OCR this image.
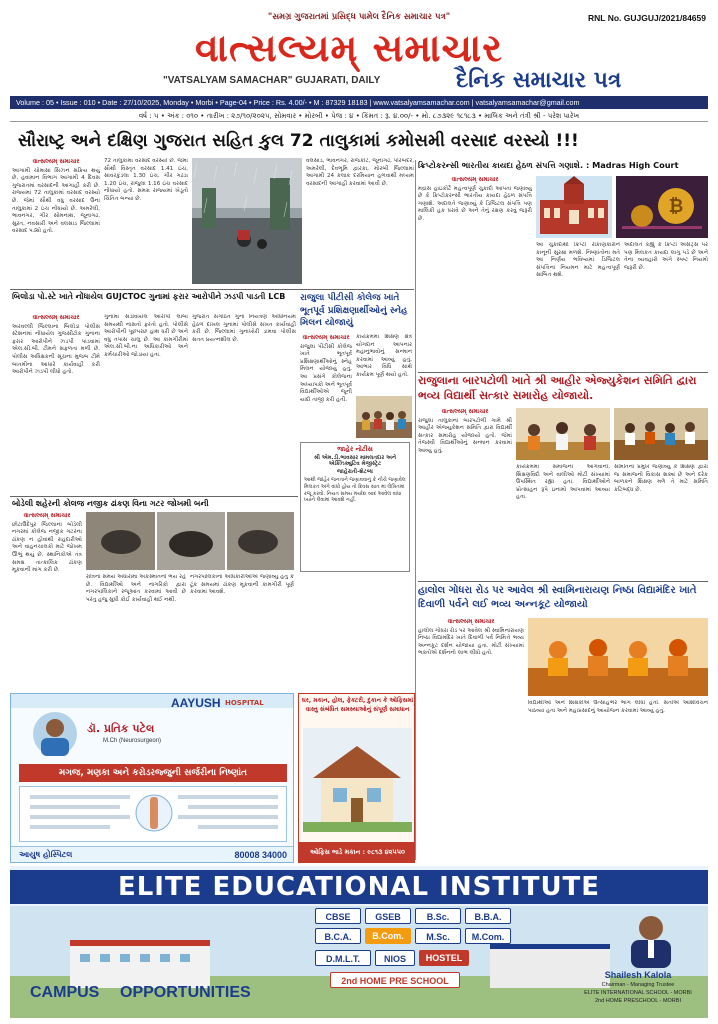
"સમગ્ર ગુજરાતમાં પ્રસિદ્ધ પામેલ દૈનિક સમાચાર પત્ર"	RNL No. GUJGUJ/2021/84659
વાત્સલ્યમ્ સમાચાર
"VATSALYAM SAMACHAR" GUJARATI, DAILY	દૈનિક સમાચાર પત્ર
Volume : 05 • Issue : 010 • Date : 27/10/2025, Monday • Morbi • Page-04 • Price : Rs. 4.00/- • M : 87329 18183 | www.vatsalyamsamachar.com | vatsalyamsamachar@gmail.com
વર્ષ : ૫ • અંક : ૦૧૦ • તારીખ : ૨૭/૧૦/૨૦૨૫, સોમવાર • મોરબી • પેજ : ૪ • કિંમત : રૂ. ૪.૦૦/- • મો. ૮૭૩૨૯ ૧૮૧૮૩ • માલિક અને તંત્રી શ્રી - પરેશ પારેખ
સૌરાષ્ટ્ર અને દક્ષિણ ગુજરાત સહિત કુલ 72 તાલુકામાં કમોસમી વરસાદ વરસ્યો !!!
વાત્સલ્યમ્ સમાચાર

આગામી ચોમાસા સિઝન સક્રિય થયું છે, હવામાન વિભાગ આગામી 4 દિવસ ગુજરાતમાં વરસાદની આગાહી કરી છે. રાજ્યમાં 72 તાલુકામાં વરસાદ વરસ્યો છે. જેમાં સૌથી વધુ વરસાદ ઉના તાલુકામાં 2 ઇંચ નોંધાયો છે. અમરેલી, ભાવનગર, ગીર સોમનાથ, જૂનાગઢ, સુરત, નવસારી અને વલસાડ જિલ્લામાં વરસાદ પડ્યો હતો.

72 તાલુકામાં વરસાદ વરસ્યો છે. જેમાં સૌથી વિસ્તૃત વરસાદ 1.41 ઇંચ, સાવરકુંડલા 1.30 ઇંચ, ગીર ગઢડા 1.20 ઇંચ, રાજુલા 1.16 ઇંચ વરસાદ નોંધાયો હતો. સમગ્ર રાજ્યમાં ખેડૂતો ચિંતિત બન્યા છે.

વલસાડ, ભાવનગર, રાજકોટ, જૂનાગઢ, પોરબંદર, અમરેલી, દેવભૂમિ દ્વારકા, મોરબી જિલ્લામાં આગામી 24 કલાક દરમિયાન હળવાથી મધ્યમ વરસાદની આગાહી કરવામાં આવી છે.

બિલોડા પો.સ્ટે ખાતે નોંધાયેલ GUJCTOC ગુનામાં ફરાર આરોપીને ઝડપી પાડતી LCB
વાત્સલ્યમ્ સમાચાર

અરવલ્લી જિલ્લાના બિલોડા પોલીસ સ્ટેશનમાં નોંધાયેલ ગુજસીટોક ગુનાના ફરાર આરોપીને ઝડપી પાડવામાં એલ.સી.બી. ટીમને સફળતા મળી છે. પોલીસ અધિક્ષકની સૂચના મુજબ ટીમે બાતમીના આધારે કાર્યવાહી કરી આરોપીને ઝડપી લીધો હતો.

ગુનામાં સંડોવાયેલ આરોપી લાંબા સમયથી નાસતો ફરતો હતો. પોલીસે આરોપીની પૂછપરછ હાથ ધરી છે અને વધુ તપાસ ચાલુ છે. આ કામગીરીમાં એલ.સી.બી.ના અધિકારીઓ અને કર્મચારીઓ જોડાયા હતા.

ગુજરાત સંગઠિત ગુના નિયંત્રણ અધિનિયમ હેઠળ દાખલ ગુનામાં પોલીસે સખત કાર્યવાહી કરી છે. જિલ્લામાં ગુનાખોરી ડામવા પોલીસ સતત પ્રયત્નશીલ છે.

રાજુલા પીટીસી કોલેજ ખાતે ભૂતપૂર્વ પ્રશિક્ષણાર્થીઓનું સ્નેહ મિલન યોજાયું
વાત્સલ્યમ્ સમાચાર

રાજુલા પીટીસી કોલેજ ખાતે ભૂતપૂર્વ પ્રશિક્ષણાર્થીઓનું સ્નેહ મિલન યોજાયું હતું. આ પ્રસંગે કોલેજના અધ્યાપકો અને ભૂતપૂર્વ વિદ્યાર્થીઓએ જૂની યાદો તાજી કરી હતી.

કાર્યક્રમમાં શિક્ષણ ક્ષેત્રે યોગદાન આપનાર મહાનુભાવોનું સન્માન કરવામાં આવ્યું હતું. આભાર વિધિ સાથે કાર્યક્રમ પૂર્ણ થયો હતો.

જાહેર નોટીસ
શ્રી એમ.ડી.ભાવસાર મામલતદાર અને એક્ઝિક્યુટિવ મેજીસ્ટ્રેટ
જાહેરાતી-શેટબ્ધ

આથી જાહેર જનતાને જણાવવાનું કે નીચે જણાવેલ મિલકત અંગે વાંધો હોય તો દિવસ સાત માં લેખિતમાં રજૂ કરવો. નિયત સમય મર્યાદા બાદ આવેલ વાંધા ધ્યાને લેવામાં આવશે નહીં.

બોડેલી શહેરની કોલજ નજીક ઢાંકણ વિના ગટર જોખમી બની
વાત્સલ્યમ્ સમાચાર

છોટાઉદેપુર જિલ્લાના બોડેલી નગરમાં કોલેજ નજીક ગટરના ઢાંકણ ન હોવાથી રાહદારીઓ અને વાહનચાલકો માટે જોખમ ઊભું થયું છે. સ્થાનિકોએ તંત્ર સમક્ષ તાત્કાલિક ઢાંકણ મૂકવાની માંગ કરી છે.

રાત્રિના સમયે અંધારામાં અકસ્માતનો ભય રહે છે. વિદ્યાર્થીઓ અને નાગરિકો દ્વારા નગરપાલિકાને રજૂઆત કરવામાં આવી છે પરંતુ હજુ સુધી કોઈ કાર્યવાહી થઈ નથી.

નગરપાલિકાના અધિકારીઓએ જણાવ્યું હતું કે ટૂંક સમયમાં ઢાંકણ મૂકવાની કામગીરી પૂર્ણ કરવામાં આવશે.

ક્રિપ્ટોકરન્સી ભારતીય કાયદા હેઠળ સંપત્તિ ગણાશે. : Madras High Court
વાત્સલ્યમ્ સમાચાર

મદ્રાસ હાઇકોર્ટે મહત્વપૂર્ણ ચુકાદો આપતા જણાવ્યું છે કે ક્રિપ્ટોકરન્સી ભારતીય કાયદા હેઠળ સંપત્તિ ગણાશે. અદાલતે જણાવ્યું કે ડિજિટલ સંપત્તિ પણ માલિકી હક ધરાવે છે અને તેનું રક્ષણ કરવું જરૂરી છે.

₿

આ ચુકાદાથી ક્રિપ્ટો રોકાણકારોને કાનૂની સુરક્ષા મળશે. નિષ્ણાંતોના મતે આ નિર્ણય ભવિષ્યમાં ડિજિટલ સંપત્તિના નિયમન માટે મહત્વપૂર્ણ સાબિત થશે.

અદાલતે કહ્યું કે ક્રિપ્ટો એસેટ્સ પર પણ મિલકત કાયદા લાગુ પડે છે અને તેના વ્યવહારો અંગે સ્પષ્ટ નિયમો જરૂરી છે.

રાજુલાના બારપટોળી ખાતે શ્રી આહીર એજ્યુકેશન સમિતિ દ્વારા ભવ્ય વિદ્યાર્થી સત્કાર સમારોહ યોજાયો.
વાત્સલ્યમ્ સમાચાર

રાજુલા તાલુકાના બારપટોળી ગામે શ્રી આહીર એજ્યુકેશન સમિતિ દ્વારા વિદ્યાર્થી સત્કાર સમારોહ યોજાયો હતો. જેમાં તેજસ્વી વિદ્યાર્થીઓનું સન્માન કરવામાં આવ્યું હતું.

કાર્યક્રમમાં સમાજના આગેવાનો, શિક્ષણવિદો અને વાલીઓ મોટી સંખ્યામાં ઉપસ્થિત રહ્યા હતા. વિદ્યાર્થીઓને પ્રોત્સાહન રૂપે ઇનામો આપવામાં આવ્યા હતા.

સમિતિના પ્રમુખે જણાવ્યું કે શિક્ષણ દ્વારા જ સમાજનો વિકાસ શક્ય છે અને દરેક બાળકને શિક્ષણ મળે તે માટે સમિતિ કટિબદ્ધ છે.

હાલોલ ગોધરા રોડ પર આવેલ શ્રી સ્વામિનારાયણ નિષ્ઠા વિદ્યામંદિર ખાતે દિવાળી પર્વને લઈ ભવ્ય અન્નકૂટ યોજાયો
વાત્સલ્યમ્ સમાચાર

હાલોલ ગોધરા રોડ પર આવેલ શ્રી સ્વામિનારાયણ નિષ્ઠા વિદ્યામંદિર ખાતે દિવાળી પર્વ નિમિત્તે ભવ્ય અન્નકૂટ દર્શન યોજાયા હતા. મોટી સંખ્યામાં ભક્તોએ દર્શનનો લાભ લીધો હતો.

વિદ્યાર્થીઓ અને શિક્ષકોએ ઉત્સાહભેર ભાગ લીધો હતો. સંતોએ આશીર્વચન પાઠવ્યા હતા અને મહાપ્રસાદનું આયોજન કરવામાં આવ્યું હતું.

AAYUSH HOSPITAL
ડૉ. પ્રતિક પટેલ
M.Ch (Neurosurgeon)
મગજ, મણકા અને કરોડરજ્જુની સર્જરીના નિષ્ણાંત
આયુષ હોસ્પિટલ	80008 34000
ઘર, મકાન, હોલ, ફેક્ટરી, દુકાન કે ઓફિસમાં વાસ્તુ સંબંધિત સમસ્યાઓનું સંપૂર્ણ સમાધાન
ઓફિસ ભાડે મકાન : ૯૮૧૩ ૪૨૫૫૦
ELITE EDUCATIONAL INSTITUTE
CBSE	GSEB	B.Sc.	B.B.A.
B.C.A.	B.Com.	M.Sc.	M.Com.
D.M.L.T.	NIOS	HOSTEL
2nd HOME PRE SCHOOL
CAMPUS OPPORTUNITIES
Shailesh Kalola
Chairman - Managing Trustee
ELITE INTERNATIONAL SCHOOL - MORBI
2nd HOME PRESCHOOL - MORBI
